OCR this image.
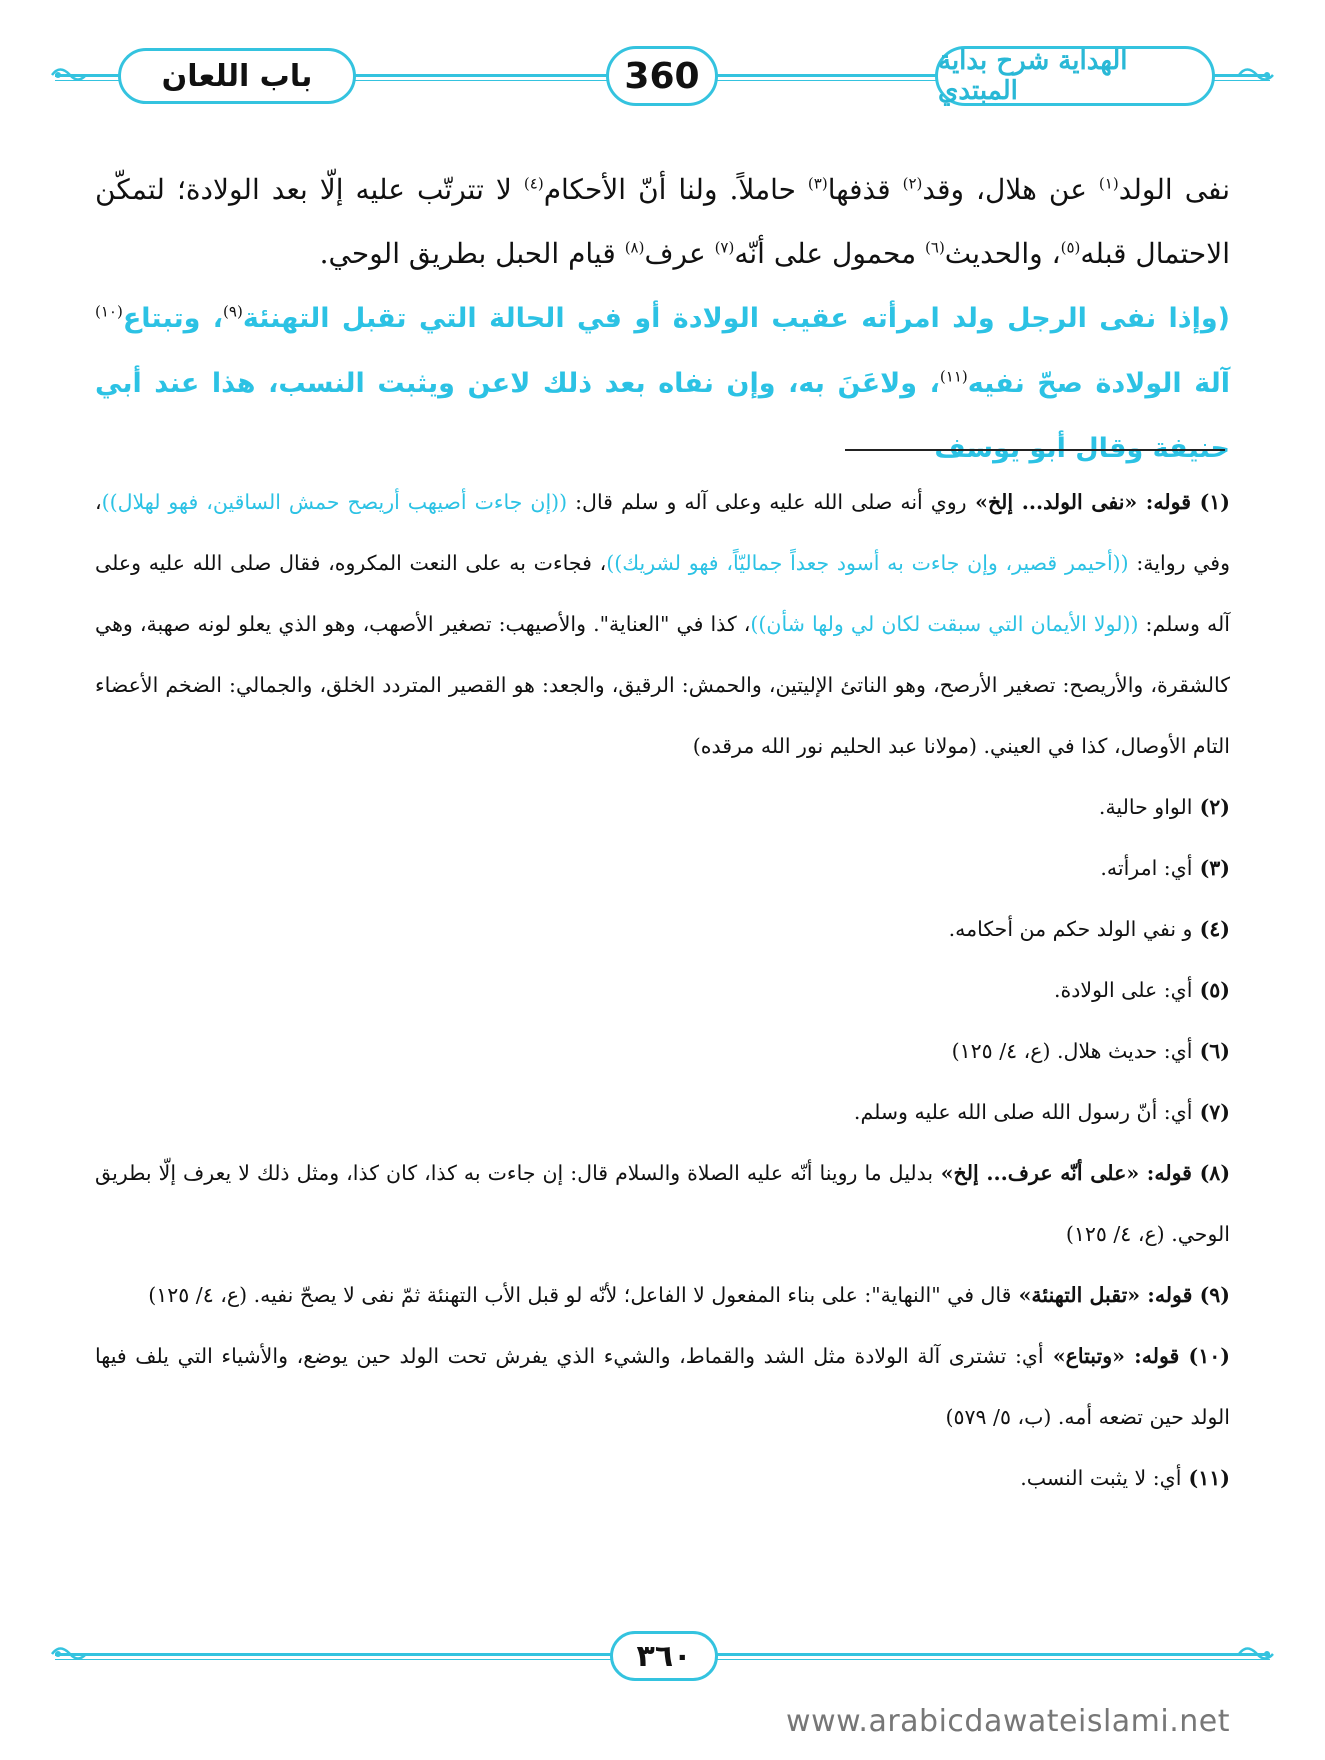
باب اللعان	360	الهداية شرح بداية المبتدي

نفى الولد$^{(١)}$ عن هلال، وقد$^{(٢)}$ قذفها$^{(٣)}$ حاملاً. ولنا أنّ الأحكام$^{(٤)}$ لا تترتّب عليه إلّا بعد الولادة؛ لتمكّن الاحتمال قبله$^{(٥)}$، والحديث$^{(٦)}$ محمول على أنّه$^{(٧)}$ عرف$^{(٨)}$ قيام الحبل بطريق الوحي.

(وإذا نفى الرجل ولد امرأته عقيب الولادة أو في الحالة التي تقبل التهنئة$^{(٩)}$، وتبتاع$^{(١٠)}$ آلة الولادة صحّ نفيه$^{(١١)}$، ولاعَنَ به، وإن نفاه بعد ذلك لاعن ويثبت النسب، هذا عند أبي حنيفة وقال أبو يوسف

(١) قوله: «نفى الولد... إلخ» روي أنه صلى الله عليه وعلى آله و سلم قال: ((إن جاءت أصيهب أريصح حمش الساقين، فهو لهلال))، وفي رواية: ((أحيمر قصير، وإن جاءت به أسود جعداً جماليّاً، فهو لشريك))، فجاءت به على النعت المكروه، فقال صلى الله عليه وعلى آله وسلم: ((لولا الأيمان التي سبقت لكان لي ولها شأن))، كذا في "العناية". والأصيهب: تصغير الأصهب، وهو الذي يعلو لونه صهبة، وهي كالشقرة، والأريصح: تصغير الأرصح، وهو الناتئ الإليتين، والحمش: الرقيق، والجعد: هو القصير المتردد الخلق، والجمالي: الضخم الأعضاء التام الأوصال، كذا في العيني. (مولانا عبد الحليم نور الله مرقده)

(٢) الواو حالية.

(٣) أي: امرأته.

(٤) و نفي الولد حكم من أحكامه.

(٥) أي: على الولادة.

(٦) أي: حديث هلال. (ع، ٤/ ١٢٥)

(٧) أي: أنّ رسول الله صلى الله عليه وسلم.

(٨) قوله: «على أنّه عرف... إلخ» بدليل ما روينا أنّه عليه الصلاة والسلام قال: إن جاءت به كذا، كان كذا، ومثل ذلك لا يعرف إلّا بطريق الوحي. (ع، ٤/ ١٢٥)

(٩) قوله: «تقبل التهنئة» قال في "النهاية": على بناء المفعول لا الفاعل؛ لأنّه لو قبل الأب التهنئة ثمّ نفى لا يصحّ نفيه. (ع، ٤/ ١٢٥)

(١٠) قوله: «وتبتاع» أي: تشترى آلة الولادة مثل الشد والقماط، والشيء الذي يفرش تحت الولد حين يوضع، والأشياء التي يلف فيها الولد حين تضعه أمه. (ب، ٥/ ٥٧٩)

(١١) أي: لا يثبت النسب.

٣٦٠
www.arabicdawateislami.net
